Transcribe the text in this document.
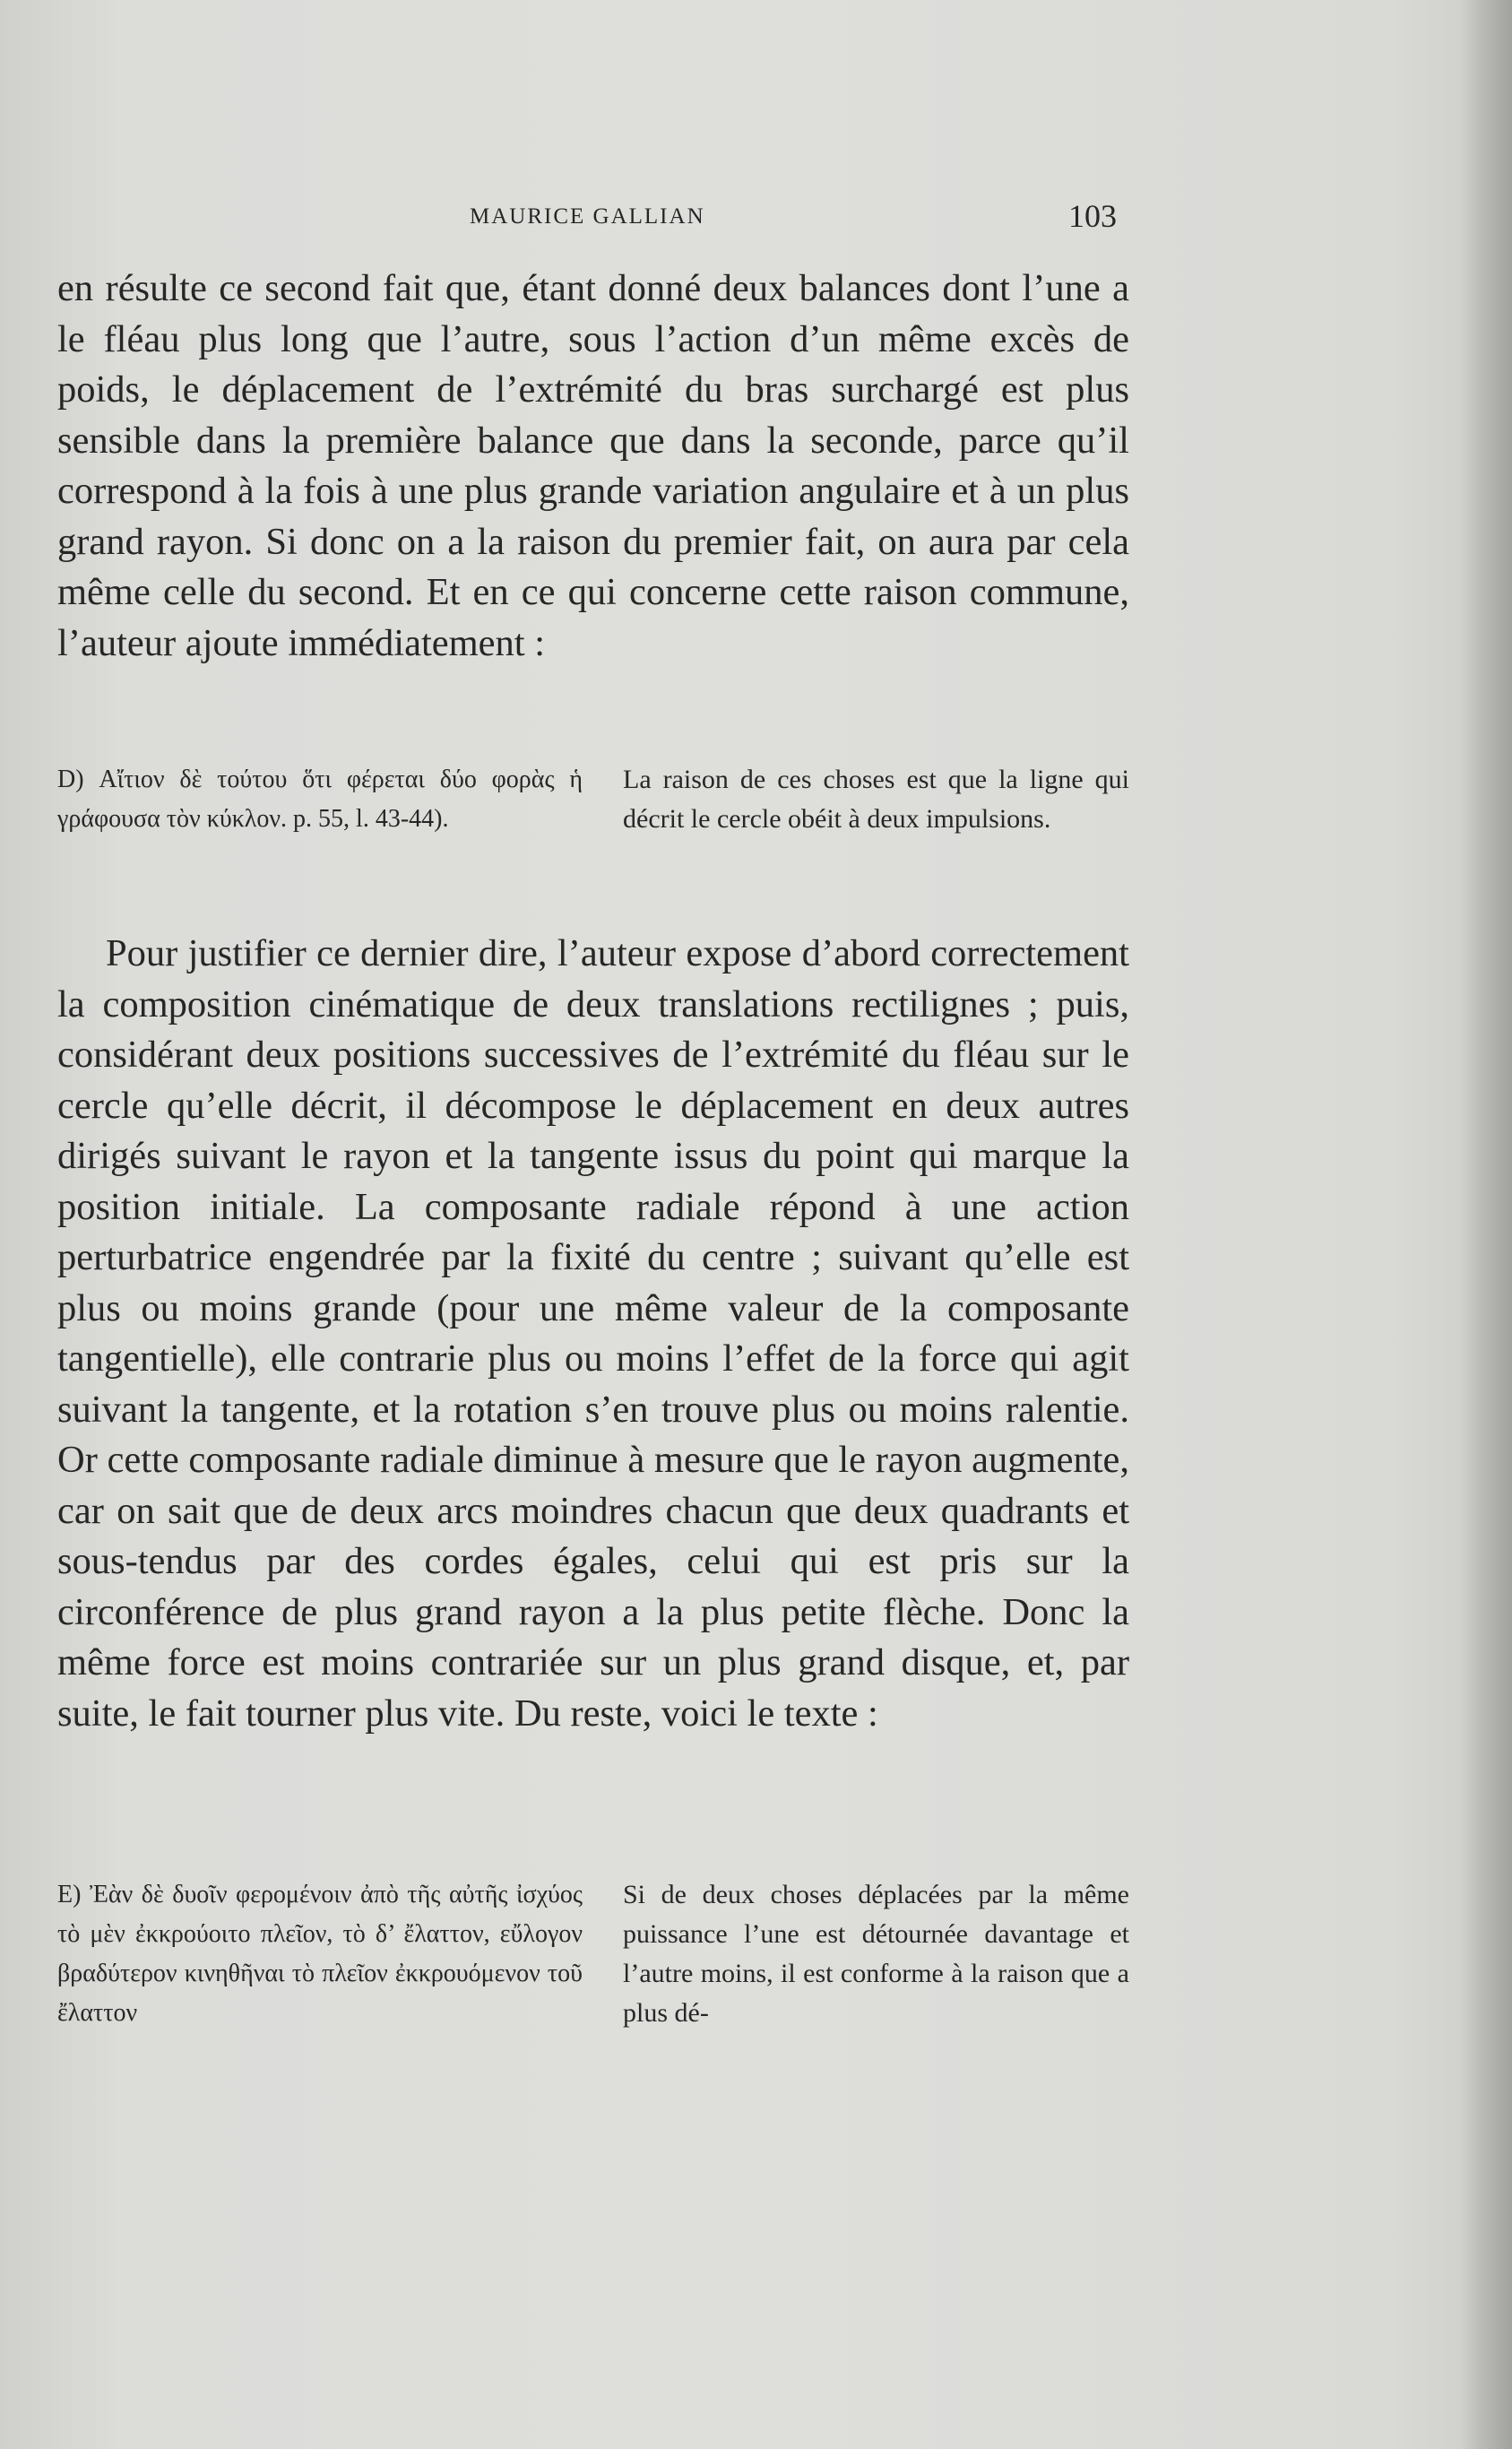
MAURICE GALLIAN	103

en résulte ce second fait que, étant donné deux balances dont l’une a le fléau plus long que l’autre, sous l’action d’un même excès de poids, le déplacement de l’extrémité du bras surchargé est plus sensible dans la première balance que dans la seconde, parce qu’il correspond à la fois à une plus grande variation angulaire et à un plus grand rayon. Si donc on a la raison du premier fait, on aura par cela même celle du second. Et en ce qui concerne cette raison commune, l’auteur ajoute immédiatement :

D) Αἴτιον δὲ τούτου ὅτι φέρεται δύο φορὰς ἡ γράφουσα τὸν κύκλον. p. 55, l. 43-44).

La raison de ces choses est que la ligne qui décrit le cercle obéit à deux impulsions.

Pour justifier ce dernier dire, l’auteur expose d’abord correctement la composition cinématique de deux translations rectilignes ; puis, considérant deux positions successives de l’extrémité du fléau sur le cercle qu’elle décrit, il décompose le déplacement en deux autres dirigés suivant le rayon et la tangente issus du point qui marque la position initiale. La composante radiale répond à une action perturbatrice engendrée par la fixité du centre ; suivant qu’elle est plus ou moins grande (pour une même valeur de la composante tangentielle), elle contrarie plus ou moins l’effet de la force qui agit suivant la tangente, et la rotation s’en trouve plus ou moins ralentie. Or cette composante radiale diminue à mesure que le rayon augmente, car on sait que de deux arcs moindres chacun que deux quadrants et sous-tendus par des cordes égales, celui qui est pris sur la circonférence de plus grand rayon a la plus petite flèche. Donc la même force est moins contrariée sur un plus grand disque, et, par suite, le fait tourner plus vite. Du reste, voici le texte :

E) Ἐὰν δὲ δυοῖν φερομένοιν ἀπὸ τῆς αὐτῆς ἰσχύος τὸ μὲν ἐκκρούοιτο πλεῖον, τὸ δ’ ἔλαττον, εὔλογον βραδύτερον κινηθῆναι τὸ πλεῖον ἐκκρουόμενον τοῦ ἔλαττον

Si de deux choses déplacées par la même puissance l’une est détournée davantage et l’autre moins, il est conforme à la raison que a plus dé-
